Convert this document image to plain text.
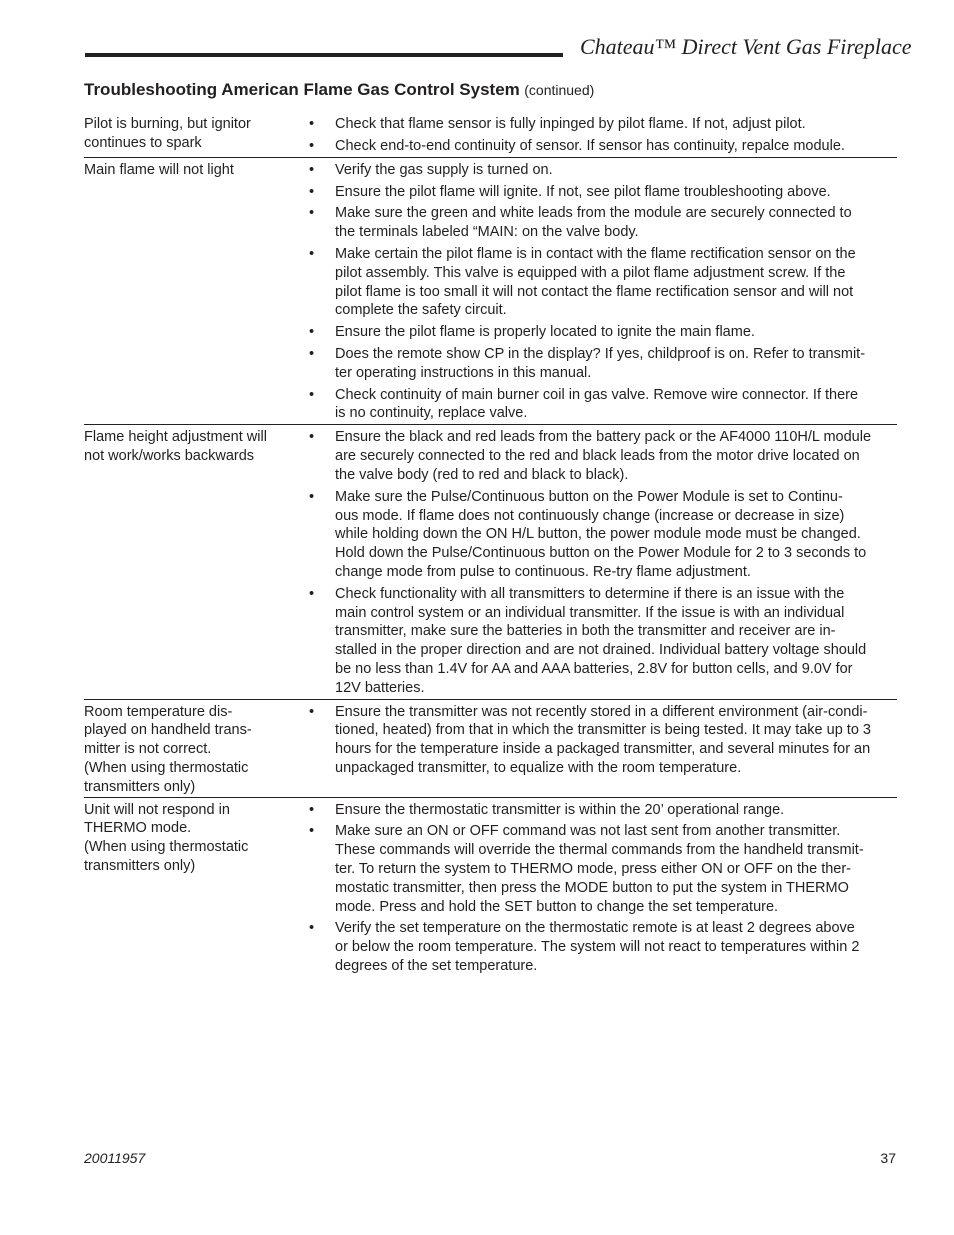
Chateau™ Direct Vent Gas Fireplace
Troubleshooting American Flame Gas Control System (continued)
Pilot is burning, but ignitor
continues to spark
•	Check that flame sensor is fully inpinged by pilot flame. If not, adjust pilot.
•	Check end-to-end continuity of sensor. If sensor has continuity, repalce module.
Main flame will not light	•	Verify the gas supply is turned on.
•	Ensure the pilot flame will ignite. If not, see pilot flame troubleshooting above.
•	Make sure the green and white leads from the module are securely connected to
the terminals labeled “MAIN: on the valve body.
•	Make certain the pilot flame is in contact with the flame rectification sensor on the
pilot assembly. This valve is equipped with a pilot flame adjustment screw. If the
pilot flame is too small it will not contact the flame rectification sensor and will not
complete the safety circuit.
•	Ensure the pilot flame is properly located to ignite the main flame.
•	Does the remote show CP in the display? If yes, childproof is on. Refer to transmit-
ter operating instructions in this manual.
•	Check continuity of main burner coil in gas valve. Remove wire connector. If there
is no continuity, replace valve.
Flame height adjustment will
not work/works backwards
•	Ensure the black and red leads from the battery pack or the AF4000 110H/L module
are securely connected to the red and black leads from the motor drive located on
the valve body (red to red and black to black).
•	Make sure the Pulse/Continuous button on the Power Module is set to Continu-
ous mode. If flame does not continuously change (increase or decrease in size)
while holding down the ON H/L button, the power module mode must be changed.
Hold down the Pulse/Continuous button on the Power Module for 2 to 3 seconds to
change mode from pulse to continuous. Re-try flame adjustment.
•	Check functionality with all transmitters to determine if there is an issue with the
main control system or an individual transmitter. If the issue is with an individual
transmitter, make sure the batteries in both the transmitter and receiver are in-
stalled in the proper direction and are not drained. Individual battery voltage should
be no less than 1.4V for AA and AAA batteries, 2.8V for button cells, and 9.0V for
12V batteries.
Room temperature dis-
played on handheld trans-
mitter is not correct.
(When using thermostatic
transmitters only)
•	Ensure the transmitter was not recently stored in a different environment (air-condi-
tioned, heated) from that in which the transmitter is being tested. It may take up to 3
hours for the temperature inside a packaged transmitter, and several minutes for an
unpackaged transmitter, to equalize with the room temperature.
Unit will not respond in
THERMO mode.
(When using thermostatic
transmitters only)
•	Ensure the thermostatic transmitter is within the 20’ operational range.
•	Make sure an ON or OFF command was not last sent from another transmitter.
These commands will override the thermal commands from the handheld transmit-
ter. To return the system to THERMO mode, press either ON or OFF on the ther-
mostatic transmitter, then press the MODE button to put the system in THERMO
mode. Press and hold the SET button to change the set temperature.
•	Verify the set temperature on the thermostatic remote is at least 2 degrees above
or below the room temperature. The system will not react to temperatures within 2
degrees of the set temperature.
20011957	37
